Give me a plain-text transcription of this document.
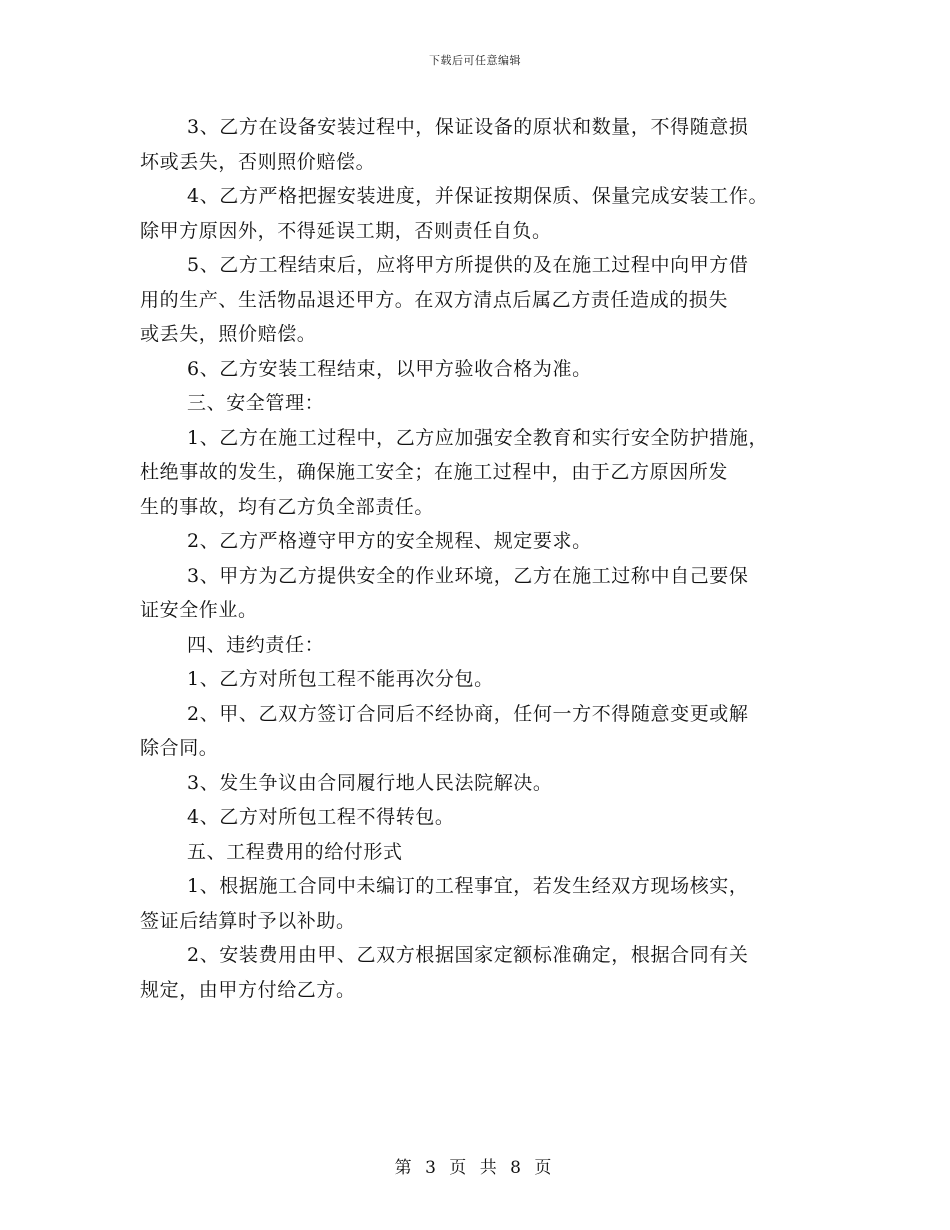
下载后可任意编辑
3、乙方在设备安装过程中，保证设备的原状和数量，不得随意损
坏或丢失，否则照价赔偿。
4、乙方严格把握安装进度，并保证按期保质、保量完成安装工作。
除甲方原因外，不得延误工期，否则责任自负。
5、乙方工程结束后，应将甲方所提供的及在施工过程中向甲方借
用的生产、生活物品退还甲方。在双方清点后属乙方责任造成的损失
或丢失，照价赔偿。
6、乙方安装工程结束，以甲方验收合格为准。
三、安全管理：
1、乙方在施工过程中，乙方应加强安全教育和实行安全防护措施，
杜绝事故的发生，确保施工安全；在施工过程中，由于乙方原因所发
生的事故，均有乙方负全部责任。
2、乙方严格遵守甲方的安全规程、规定要求。
3、甲方为乙方提供安全的作业环境，乙方在施工过称中自己要保
证安全作业。
四、违约责任：
1、乙方对所包工程不能再次分包。
2、甲、乙双方签订合同后不经协商，任何一方不得随意变更或解
除合同。
3、发生争议由合同履行地人民法院解决。
4、乙方对所包工程不得转包。
五、工程费用的给付形式
1、根据施工合同中未编订的工程事宜，若发生经双方现场核实，
签证后结算时予以补助。
2、安装费用由甲、乙双方根据国家定额标准确定，根据合同有关
规定，由甲方付给乙方。
第 3 页 共 8 页
